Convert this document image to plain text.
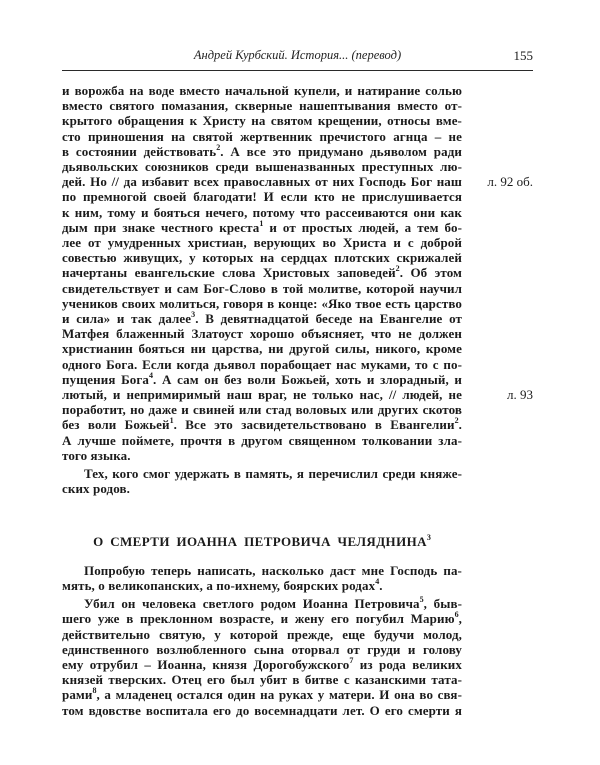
Андрей Курбский. История... (перевод)	155
л. 92 об.
л. 93
и ворожба на воде вместо начальной купели, и натирание солью
вместо святого помазания, скверные нашептывания вместо от-
крытого обращения к Христу на святом крещении, относы вме-
сто приношения на святой жертвенник пречистого агнца – не
в состоянии действовать$^2$. А все это придумано дьяволом ради
дьявольских союзников среди вышеназванных преступных лю-
дей. Но // да избавит всех православных от них Господь Бог наш
по премногой своей благодати! И если кто не прислушивается
к ним, тому и бояться нечего, потому что рассеиваются они как
дым при знаке честного креста$^1$ и от простых людей, а тем бо-
лее от умудренных христиан, верующих во Христа и с доброй
совестью живущих, у которых на сердцах плотских скрижалей
начертаны евангельские слова Христовых заповедей$^2$. Об этом
свидетельствует и сам Бог-Слово в той молитве, которой научил
учеников своих молиться, говоря в конце: «Яко твое есть царство
и сила» и так далее$^3$. В девятнадцатой беседе на Евангелие от
Матфея блаженный Златоуст хорошо объясняет, что не должен
христианин бояться ни царства, ни другой силы, никого, кроме
одного Бога. Если когда дьявол порабощает нас муками, то с по-
пущения Бога$^4$. А сам он без воли Божьей, хоть и злорадный, и
лютый, и непримиримый наш враг, не только нас, // людей, не
поработит, но даже и свиней или стад воловых или других скотов
без воли Божьей$^1$. Все это засвидетельствовано в Евангелии$^2$.
А лучше поймете, прочтя в другом священном толковании зла-
того языка.
Тех, кого смог удержать в память, я перечислил среди княже-
ских родов.
О СМЕРТИ ИОАННА ПЕТРОВИЧА ЧЕЛЯДНИНА$^3$
Попробую теперь написать, насколько даст мне Господь па-
мять, о великопанских, а по-ихнему, боярских родах$^4$.
Убил он человека светлого родом Иоанна Петровича$^5$, быв-
шего уже в преклонном возрасте, и жену его погубил Марию$^6$,
действительно святую, у которой прежде, еще будучи молод,
единственного возлюбленного сына оторвал от груди и голову
ему отрубил – Иоанна, князя Дорогобужского$^7$ из рода великих
князей тверских. Отец его был убит в битве с казанскими тата-
рами$^8$, а младенец остался один на руках у матери. И она во свя-
том вдовстве воспитала его до восемнадцати лет. О его смерти я
